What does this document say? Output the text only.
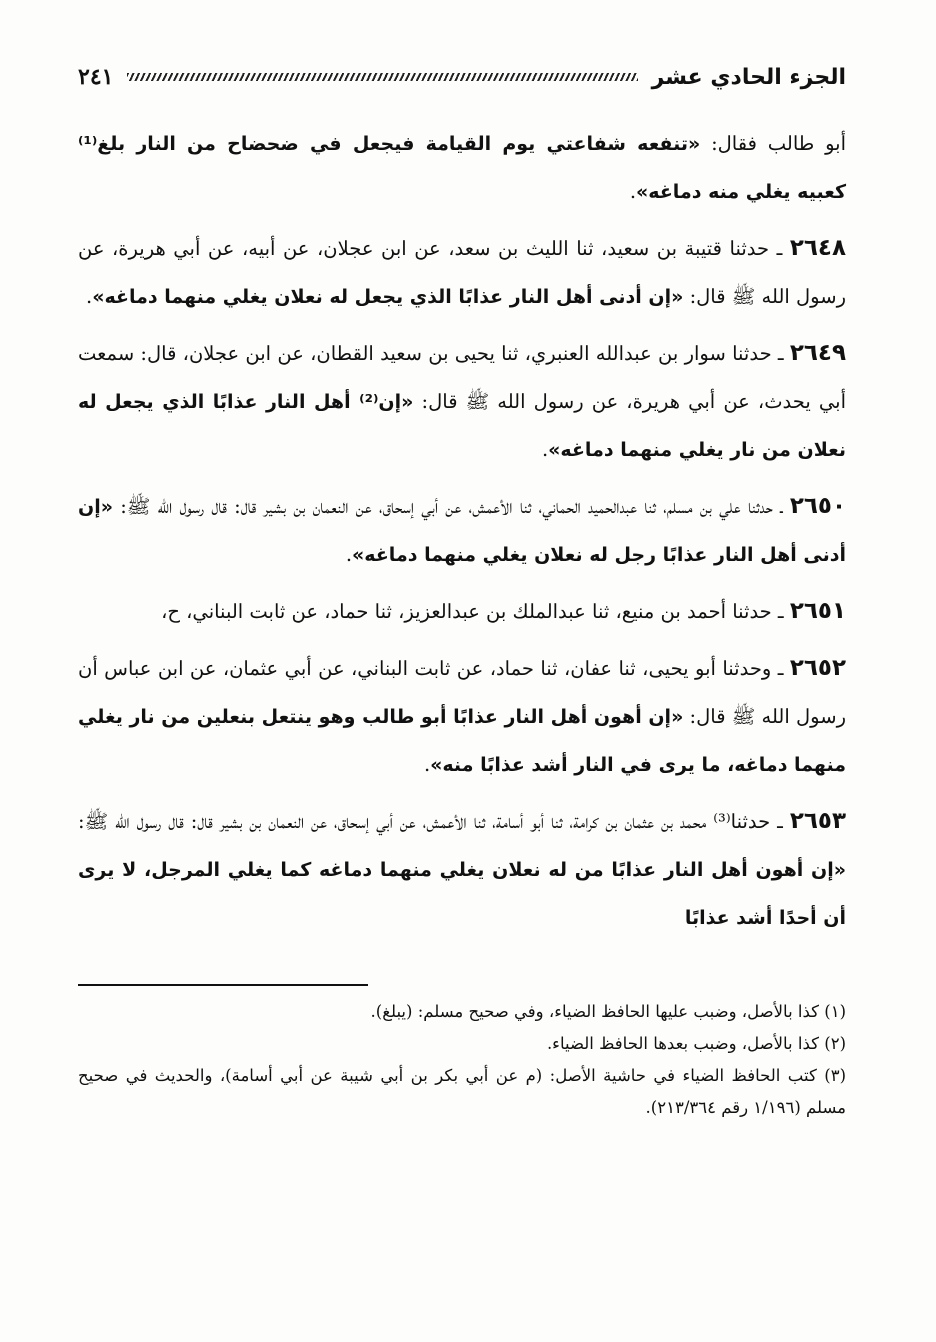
الجزء الحادي عشر
٢٤١

أبو طالب فقال: «تنفعه شفاعتي يوم القيامة فيجعل في ضحضاح من النار بلغ⁽¹⁾ كعبيه يغلي منه دماغه».

٢٦٤٨ ـ حدثنا قتيبة بن سعيد، ثنا الليث بن سعد، عن ابن عجلان، عن أبيه، عن أبي هريرة، عن رسول الله ﷺ قال: «إن أدنى أهل النار عذابًا الذي يجعل له نعلان يغلي منهما دماغه».

٢٦٤٩ ـ حدثنا سوار بن عبدالله العنبري، ثنا يحيى بن سعيد القطان، عن ابن عجلان، قال: سمعت أبي يحدث، عن أبي هريرة، عن رسول الله ﷺ قال: «إن⁽²⁾ أهل النار عذابًا الذي يجعل له نعلان من نار يغلي منهما دماغه».

٢٦٥٠ ـ حدثنا علي بن مسلم، ثنا عبدالحميد الحماني، ثنا الأعمش، عن أبي إسحاق، عن النعمان بن بشير قال: قال رسول الله ﷺ: «إن أدنى أهل النار عذابًا رجل له نعلان يغلي منهما دماغه».

٢٦٥١ ـ حدثنا أحمد بن منيع، ثنا عبدالملك بن عبدالعزيز، ثنا حماد، عن ثابت البناني، ح،

٢٦٥٢ ـ وحدثنا أبو يحيى، ثنا عفان، ثنا حماد، عن ثابت البناني، عن أبي عثمان، عن ابن عباس أن رسول الله ﷺ قال: «إن أهون أهل النار عذابًا أبو طالب وهو ينتعل بنعلين من نار يغلي منهما دماغه، ما يرى في النار أشد عذابًا منه».

٢٦٥٣ ـ حدثنا⁽³⁾ محمد بن عثمان بن كرامة، ثنا أبو أسامة، ثنا الأعمش، عن أبي إسحاق، عن النعمان بن بشير قال: قال رسول الله ﷺ: «إن أهون أهل النار عذابًا من له نعلان يغلي منهما دماغه كما يغلي المرجل، لا يرى أن أحدًا أشد عذابًا

(١) كذا بالأصل، وضبب عليها الحافظ الضياء، وفي صحيح مسلم: (يبلغ).

(٢) كذا بالأصل، وضبب بعدها الحافظ الضياء.

(٣) كتب الحافظ الضياء في حاشية الأصل: (م عن أبي بكر بن أبي شيبة عن أبي أسامة)، والحديث في صحيح مسلم (١/١٩٦ رقم ٢١٣/٣٦٤).
